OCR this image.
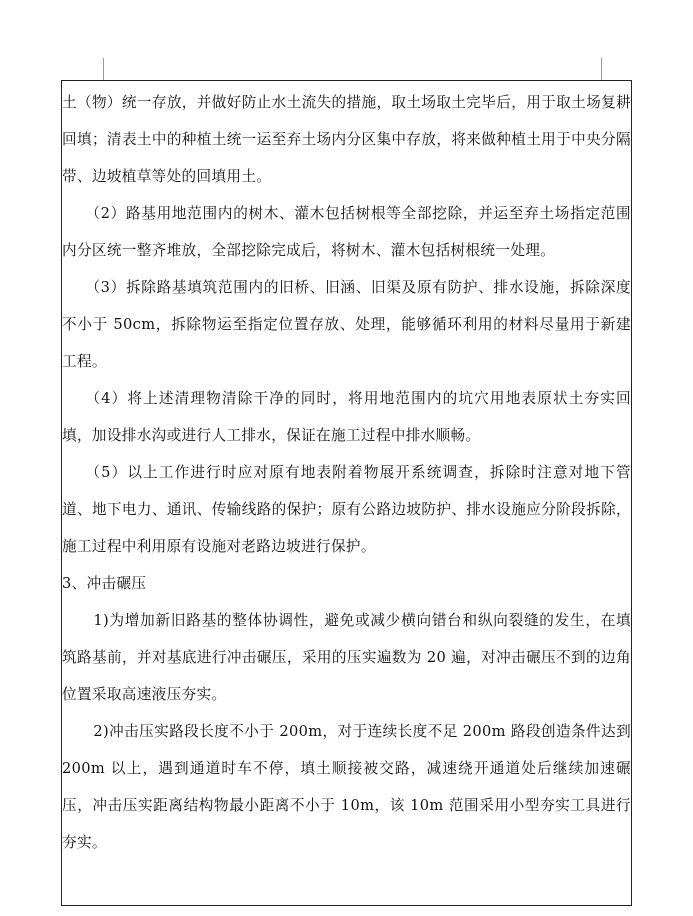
土（物）统一存放，并做好防止水土流失的措施，取土场取土完毕后，用于取土场复耕回填；清表土中的种植土统一运至弃土场内分区集中存放，将来做种植土用于中央分隔带、边坡植草等处的回填用土。

（2）路基用地范围内的树木、灌木包括树根等全部挖除，并运至弃土场指定范围内分区统一整齐堆放，全部挖除完成后，将树木、灌木包括树根统一处理。

（3）拆除路基填筑范围内的旧桥、旧涵、旧渠及原有防护、排水设施，拆除深度不小于 50cm，拆除物运至指定位置存放、处理，能够循环利用的材料尽量用于新建工程。

（4）将上述清理物清除干净的同时，将用地范围内的坑穴用地表原状土夯实回填，加设排水沟或进行人工排水，保证在施工过程中排水顺畅。

（5）以上工作进行时应对原有地表附着物展开系统调查，拆除时注意对地下管道、地下电力、通讯、传输线路的保护；原有公路边坡防护、排水设施应分阶段拆除，施工过程中利用原有设施对老路边坡进行保护。

3、冲击碾压

1)为增加新旧路基的整体协调性，避免或减少横向错台和纵向裂缝的发生，在填筑路基前，并对基底进行冲击碾压，采用的压实遍数为 20 遍，对冲击碾压不到的边角位置采取高速液压夯实。

2)冲击压实路段长度不小于 200m，对于连续长度不足 200m 路段创造条件达到 200m 以上，遇到通道时车不停，填土顺接被交路，减速绕开通道处后继续加速碾压，冲击压实距离结构物最小距离不小于 10m，该 10m 范围采用小型夯实工具进行夯实。
